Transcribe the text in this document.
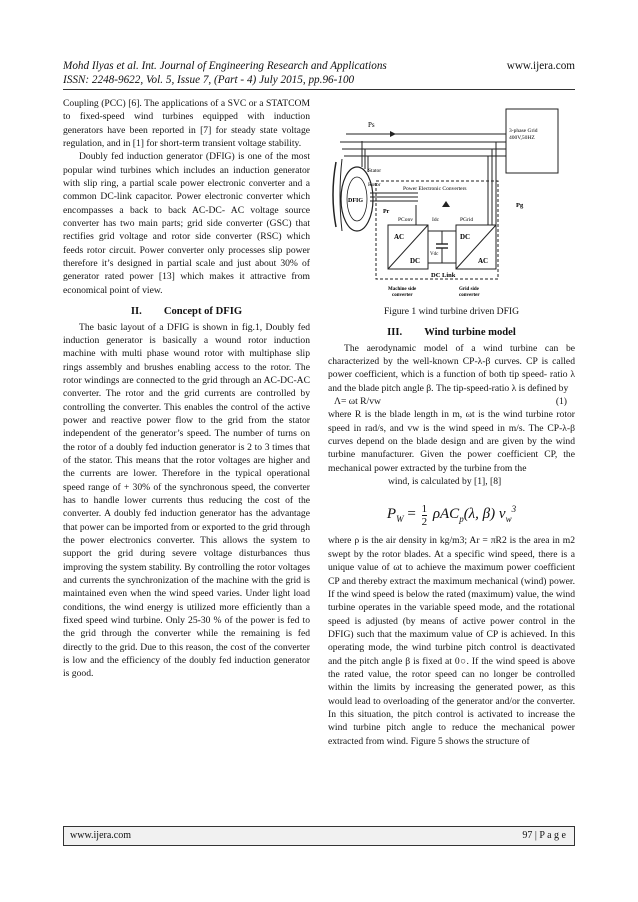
Mohd Ilyas et al. Int. Journal of Engineering Research and Applications	www.ijera.com
ISSN: 2248-9622, Vol. 5, Issue 7, (Part - 4) July 2015, pp.96-100

Coupling (PCC) [6]. The applications of a SVC or a STATCOM to fixed-speed wind turbines equipped with induction generators have been reported in [7] for steady state voltage regulation, and in [1] for short-term transient voltage stability.

Doubly fed induction generator (DFIG) is one of the most popular wind turbines which includes an induction generator with slip ring, a partial scale power electronic converter and a common DC-link capacitor. Power electronic converter which encompasses a back to back AC-DC- AC voltage source converter has two main parts; grid side converter (GSC) that rectifies grid voltage and rotor side converter (RSC) which feeds rotor circuit. Power converter only processes slip power therefore it’s designed in partial scale and just about 30% of generator rated power [13] which makes it attractive from economical point of view.

II. Concept of DFIG

The basic layout of a DFIG is shown in fig.1, Doubly fed induction generator is basically a wound rotor induction machine with multi phase wound rotor with multiphase slip rings assembly and brushes enabling access to the rotor. The rotor windings are connected to the grid through an AC-DC-AC converter. The rotor and the grid currents are controlled by controlling the converter. This enables the control of the active power and reactive power flow to the grid from the stator independent of the generator’s speed. The number of turns on the rotor of a doubly fed induction generator is 2 to 3 times that of the stator. This means that the rotor voltages are higher and the currents are lower. Therefore in the typical operational speed range of + 30% of the synchronous speed, the converter has to handle lower currents thus reducing the cost of the converter. A doubly fed induction generator has the advantage that power can be imported from or exported to the grid through the power electronics converter. This allows the system to support the grid during severe voltage disturbances thus improving the system stability. By controlling the rotor voltages and currents the synchronization of the machine with the grid is maintained even when the wind speed varies. Under light load conditions, the wind energy is utilized more efficiently than a fixed speed wind turbine. Only 25-30 % of the power is fed to the grid through the converter while the remaining is fed directly to the grid. Due to this reason, the cost of the converter is low and the efficiency of the doubly fed induction generator is good.

Ps
3-phase Grid
400V,50HZ
DFIG
Stator
Rotor
Power Electronic Converters
Pr
Pg
PConv	Idc	PGrid
AC
DC
DC
AC
Vdc
DC Link
Machine side
converter
Grid side
converter

Figure 1 wind turbine driven DFIG

III. Wind turbine model

The aerodynamic model of a wind turbine can be characterized by the well-known CP-λ-β curves. CP is called power coefficient, which is a function of both tip speed- ratio λ and the blade pitch angle β. The tip-speed-ratio λ is defined by

Λ= ωt R/vw	(1)

where R is the blade length in m, ωt is the wind turbine rotor speed in rad/s, and vw is the wind speed in m/s. The CP-λ-β curves depend on the blade design and are given by the wind turbine manufacturer. Given the power coefficient CP, the mechanical power extracted by the turbine from the

wind, is calculated by [1], [8]

$P_W = \frac{1}{2} \rho AC_p(\lambda$, β) $v_w^3$

where ρ is the air density in kg/m3; Ar = πR2 is the area in m2 swept by the rotor blades. At a specific wind speed, there is a unique value of ωt to achieve the maximum power coefficient CP and thereby extract the maximum mechanical (wind) power. If the wind speed is below the rated (maximum) value, the wind turbine operates in the variable speed mode, and the rotational speed is adjusted (by means of active power control in the DFIG) such that the maximum value of CP is achieved. In this operating mode, the wind turbine pitch control is deactivated and the pitch angle β is fixed at 0○. If the wind speed is above the rated value, the rotor speed can no longer be controlled within the limits by increasing the generated power, as this would lead to overloading of the generator and/or the converter. In this situation, the pitch control is activated to increase the wind turbine pitch angle to reduce the mechanical power extracted from wind. Figure 5 shows the structure of

www.ijera.com	97 | P a g e
